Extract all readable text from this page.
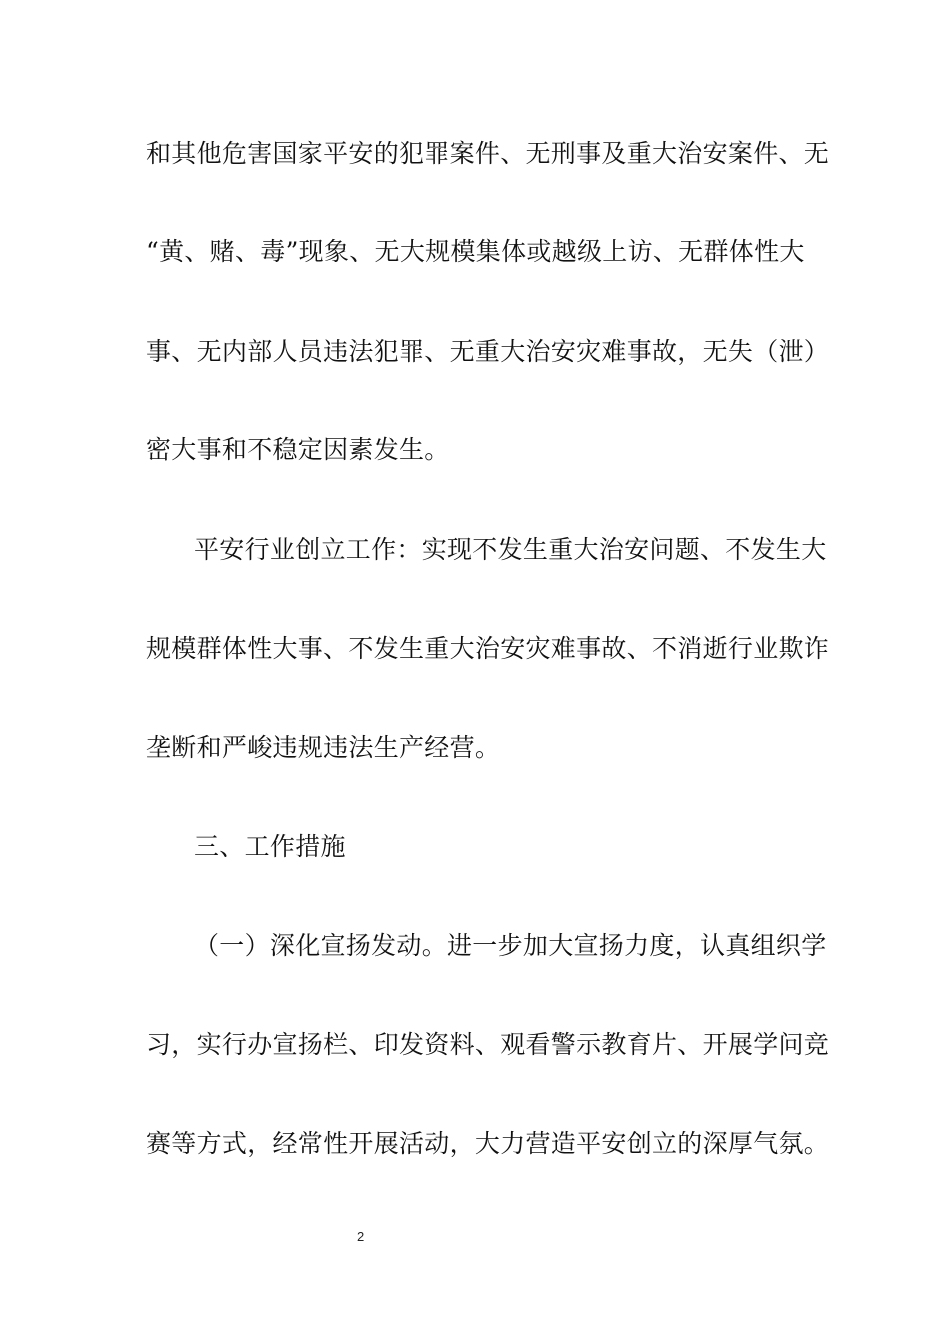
和其他危害国家平安的犯罪案件、无刑事及重大治安案件、无
“黄、赌、毒”现象、无大规模集体或越级上访、无群体性大
事、无内部人员违法犯罪、无重大治安灾难事故，无失（泄）
密大事和不稳定因素发生。
平安行业创立工作：实现不发生重大治安问题、不发生大
规模群体性大事、不发生重大治安灾难事故、不消逝行业欺诈
垄断和严峻违规违法生产经营。
三、工作措施
（一）深化宣扬发动。进一步加大宣扬力度，认真组织学
习，实行办宣扬栏、印发资料、观看警示教育片、开展学问竞
赛等方式，经常性开展活动，大力营造平安创立的深厚气氛。
2
